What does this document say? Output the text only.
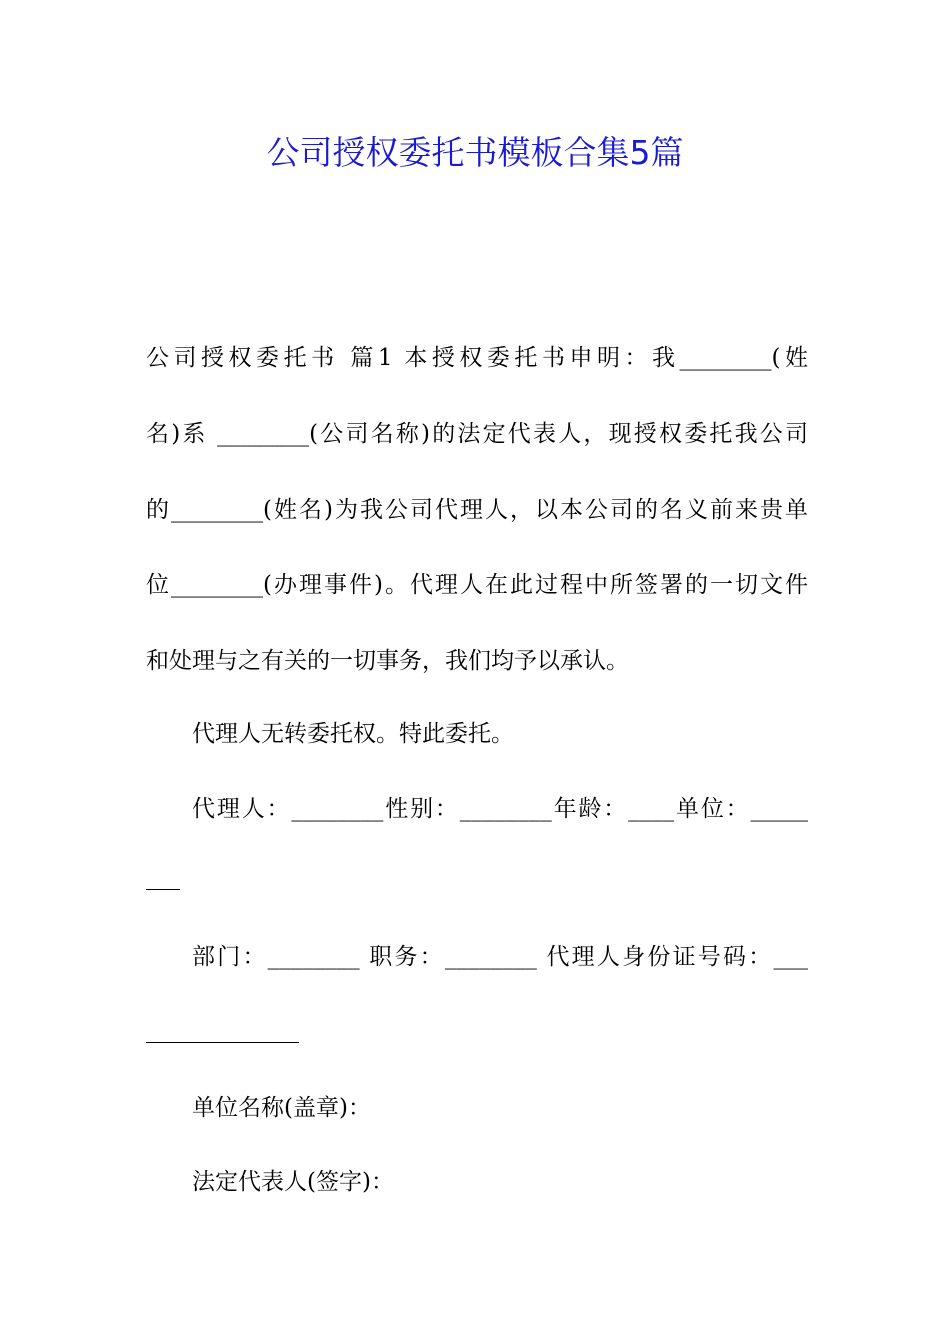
公司授权委托书模板合集5篇
公司授权委托书 篇1 本授权委托书申明：我________(姓
名)系 ________(公司名称)的法定代表人，现授权委托我公司
的________(姓名)为我公司代理人，以本公司的名义前来贵单
位________(办理事件)。代理人在此过程中所签署的一切文件
和处理与之有关的一切事务，我们均予以承认。
代理人无转委托权。特此委托。
代理人：________性别：________年龄：____单位：_____
部门：________ 职务：________ 代理人身份证号码：___
单位名称(盖章)：
法定代表人(签字)：
